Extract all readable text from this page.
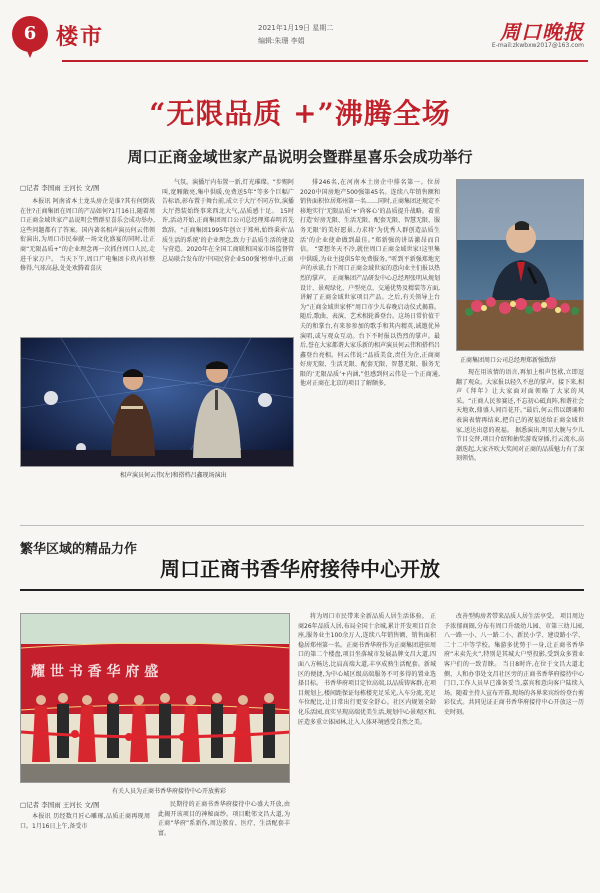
6 楼市	2021年1月19日 星期二
编辑:朱珊 李娟	周口晚报
E-mail:zkwbxw2017@163.com
“无限品质 +”沸腾全场
周口正商金域世家产品说明会暨群星喜乐会成功举行
□记者 李国雨 王河长 文/图

本报讯 阿南省本土龙头房企是谁?其有何倒栽在住?正商集团在周口的产品如何?1月16日,随着周口正商金域世家产品说明会暨群星喜乐会成功举办,这些问题都有了答案。国内著名相声演员何云伟领衔演出,为周口市民奉献一场文化盛宴的同时,让正商“无限品质+”的企业理念再一次抓住周口人民,走进千家万户。 当天下午,周口广电集团卡玖内衫整修得,气球高悬,处处欢腾着喜庆

气氛。演播厅内布置一新,灯光璀璨。“步赐阿叫,宽厢敞亮,集中供暖,免费送5年“等多个巨幅广告标语,彰布置于舞台前,成立于大厅不同方位,演播大厅热装始终事来西北大气,品质感十足。 15时许,活动开始,正商集团周口公司总经理郑春明首先致辞。“正商集团1995年创立于郑州,始终秉承‘品质生活的系统’的企业理念,致力于品质生活的建设与营造。2020年在全国工商联和国家市场监督管总局联合发布的‘中国民营企业500强’榜单中,正商

排246名,在河南本土房企中排名第一。位居2020中国房地产500强第45名。连续八年销售额和销售面积位居郑州第一名……同时,正商集团还规定不移地实行‘无限品质’+‘尚客心’的品质提升战略。着重打造‘好房无限、生活无限、配套无限、智慧无限、服务无限’的美好愿景,力求将‘为优秀人群创造品质生活’的企业使命做到最佳。”郑新强的讲话激昂而自信。 “要想冬天不冷,就住周口正商金域世家!这里集中供暖,为业主提供5年免费服务。”听到平新强郑地充声的承诺,台下周口正商金域世家的意向业主们报以热烈的掌声。 正商集团产品研发中心总经理张明从规划设计、景观绿化、户型亮点、交通优势及精装等方面,讲解了正商金域世家项目产品。之后,有关领导上台为“正商金域世家杯”周口市少儿春晚启动仪式揭幕。 随后,歌曲、表演、艺术相轮番登台。这场日常价值干夫的和掌台,有来参参加的歌手和其内精英,诚邀优异演唱,或与观众互动。台下不时报以热烈的掌声。最后,誉在大家都谐大家乐新的相声演员何云伟和搭档吕鑫登台亮相。何云伟说:“品质美食,责任为企,正商商好房无限、生活无限、配套无限、智慧无限、服务无限的‘无限品质’+内涵,”但感到何云伟是一个正商通,他对正商在北京的项目了解颇多,

正商集团周口公司总经理郑新强致辞

现在用该情的语言,再加上相声包袱,立即逗翻了观众。大家报以轻久不息的掌声。接下来,相声《拜年》让大家面对面领略了大家的风采。“正商人民参赛还,不忘初心砥真阵,和谐社会天地欢,鼎盛人间百花开。”最后,何云伟以朗诵和表演表情再结束,把自己的祝福送给正商金域世家,送达出意的祝福。 据悉演出,明星大腕与少儿节目交替,项目介绍和抽奖游戏穿插,行云流水,高潮迭起,大家齐吹大奖间对正商的品质魅力有了深刻领悟。

相声演员何云伟(左)和搭档吕鑫现场演出
繁华区域的精品力作
周口正商书香华府接待中心开放
耀 世 书 香 华 府 盛
有关人员为正商书香华府接待中心开放剪彩
□记者 李国雨 王河长 文/图

本报讯 历经数月匠心雕琢,品质正商再现周口。1月16日上午,备受市

民期待的正商书香华府接待中心盛大开放,由此揭开该项目的神秘面纱。项目毗邻文昌大道,为正商“华府”系新作,周边教育、医疗、生活配套丰富。

将为周口市民带来全新品质人居生活体验。 正商26年品质人居,布局全国十余城,累计开发项目百余座,服务业主100余万人,连续八年销售额、销售面积稳居郑州第一名。正商书香华府作为正商集团进驻周口的第二个楼盘,项目坐落城市发展品牌文昌大道,四面八方畅达,比肩高端大道,丰享成熟生活配套。新城区的便捷,为中心城区级高端服务不可多得的置业选择目标。 书香华府项目定位高端,以品质铸客群,在项目规划上,楼间距保证每栋楼充足采光,入车分流,充足车位配比,让日常出行更安全舒心。社区内规划全龄化乐活园,真实呈现高端优美生活,规划中心景观区和,匠造多重立体园林,让入人体环境感受自然之美。

改善型购房者带来品质人居生活享受。 项目周边予浓郁商圈,分布有周口升级幼儿园、市第三幼儿园,八一路一小、八一路二小、新民小学、建设路小学、二十二中等学校。集游多优势于一身,让正商书香华府“未卖先火”,特别是其城大户型投影,受到众多置业客户们的一致青睐。 当日8时许,在位于文昌大道北侧、人和办事处文昌社区旁的正商书香华府接待中心门口,工作人员早已准备妥当,嘉宾和意向客户陆续入场。随着主持人宣布开幕,现场的各界来宾纷纷登台剪彩仪式。共同见证正商书香华府接待中心开放这一历史时刻。
